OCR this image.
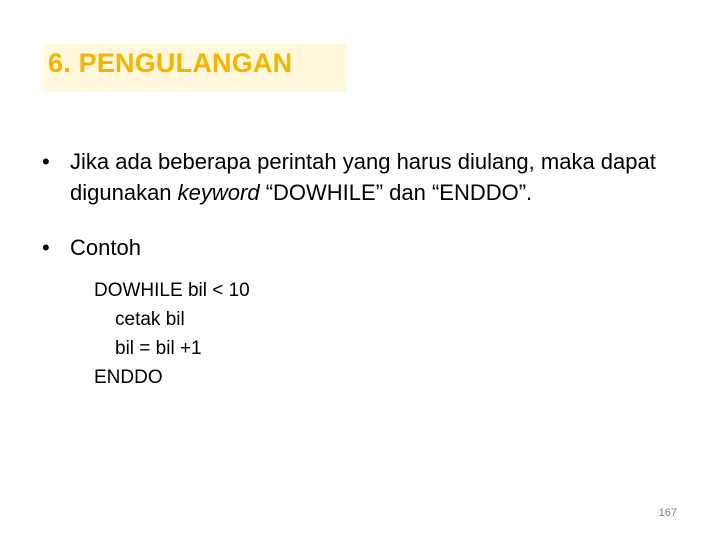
6. PENGULANGAN
• Jika ada beberapa perintah yang harus diulang, maka dapat digunakan keyword “DOWHILE” dan “ENDDO”.
• Contoh
DOWHILE bil < 10
cetak bil
bil = bil +1
ENDDO
167
